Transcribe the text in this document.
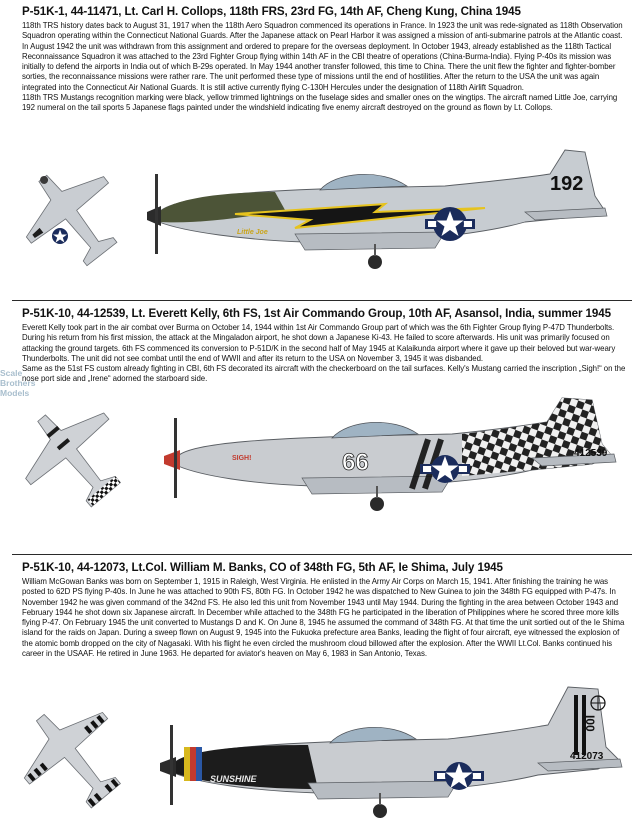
P-51K-1, 44-11471, Lt. Carl H. Collops, 118th FRS, 23rd FG, 14th AF, Cheng Kung, China 1945

118th TRS history dates back to August 31, 1917 when the 118th Aero Squadron commenced its operations in France. In 1923 the unit was rede-signated as 118th Observation Squadron operating within the Connecticut National Guards. After the Japanese attack on Pearl Harbor it was assigned a mission of anti-submarine patrols at the Atlantic coast. In August 1942 the unit was withdrawn from this assignment and ordered to prepare for the overseas deployment. In October 1943, already established as the 118th Tactical Reconnaissance Squadron it was attached to the 23rd Fighter Group flying within 14th AF in the CBI theatre of operations (China-Burma-India). Flying P-40s its mission was initially to defend the airports in India out of which B-29s operated. In May 1944 another transfer followed, this time to China. There the unit flew the fighter and fighter-bomber sorties, the reconnaissance missions were rather rare. The unit performed these type of missions until the end of hostilities. After the return to the USA the unit was again integrated into the Connecticut Air National Guards. It is still active currently flying C-130H Hercules under the designation of 118th Airlift Squadron.

118th TRS Mustangs recognition marking were black, yellow trimmed lightnings on the fuselage sides and smaller ones on the wingtips. The aircraft named Little Joe, carrying 192 numeral on the tail sports 5 Japanese flags painted under the windshield indicating five enemy aircraft destroyed on the ground as flown by Lt. Collops.

192
Little Joe
P-51K-10, 44-12539, Lt. Everett Kelly, 6th FS, 1st Air Commando Group, 10th AF, Asansol, India, summer 1945

Everett Kelly took part in the air combat over Burma on October 14, 1944 within 1st Air Commando Group part of which was the 6th Fighter Group flying P-47D Thunderbolts. During his return from his first mission, the attack at the Mingaladon airport, he shot down a Japanese Ki-43. He failed to score afterwards. His unit was primarily focused on attacking the ground targets. 6th FS commenced its conversion to P-51D/K in the second half of May 1945 at Kalaikunda airport where it gave up their beloved but war-weary Thunderbolts. The unit did not see combat until the end of WWII and after its return to the USA on November 3, 1945 it was disbanded.

Same as the 51st FS custom already fighting in CBI, 6th FS decorated its aircraft with the checkerboard on the tail surfaces. Kelly's Mustang carried the inscription „Sigh!“ on the nose port side and „Irene“ adorned the starboard side.

66	412539
SIGH!
P-51K-10, 44-12073, Lt.Col. William M. Banks, CO of 348th FG, 5th AF, Ie Shima, July 1945

William McGowan Banks was born on September 1, 1915 in Raleigh, West Virginia. He enlisted in the Army Air Corps on March 15, 1941. After finishing the training he was posted to 62D PS flying P-40s. In June he was attached to 90th FS, 80th FG. In October 1942 he was dispatched to New Guinea to join the 348th FG equipped with P-47s. In November 1942 he was given command of the 342nd FS. He also led this unit from November 1943 until May 1944. During the fighting in the area between October 1943 and February 1944 he shot down six Japanese aircraft. In December while attached to the 348th FG he participated in the liberation of Philippines where he scored three more kills flying P-47. On February 1945 the unit converted to Mustangs D and K. On June 8, 1945 he assumed the command of 348th FG. At that time the unit sortied out of the Ie Shima island for the raids on Japan. During a sweep flown on August 9, 1945 into the Fukuoka prefecture area Banks, leading the flight of four aircraft, eye witnessed the explosion of the atomic bomb dropped on the city of Nagasaki. With his flight he even circled the mushroom cloud billowed after the explosion. After the WWII Lt.Col. Banks continued his career in the USAAF. He retired in June 1963. He departed for aviator's heaven on May 6, 1983 in San Antonio, Texas.

I00
412073
SUNSHINE
Scale
Brothers
Models
